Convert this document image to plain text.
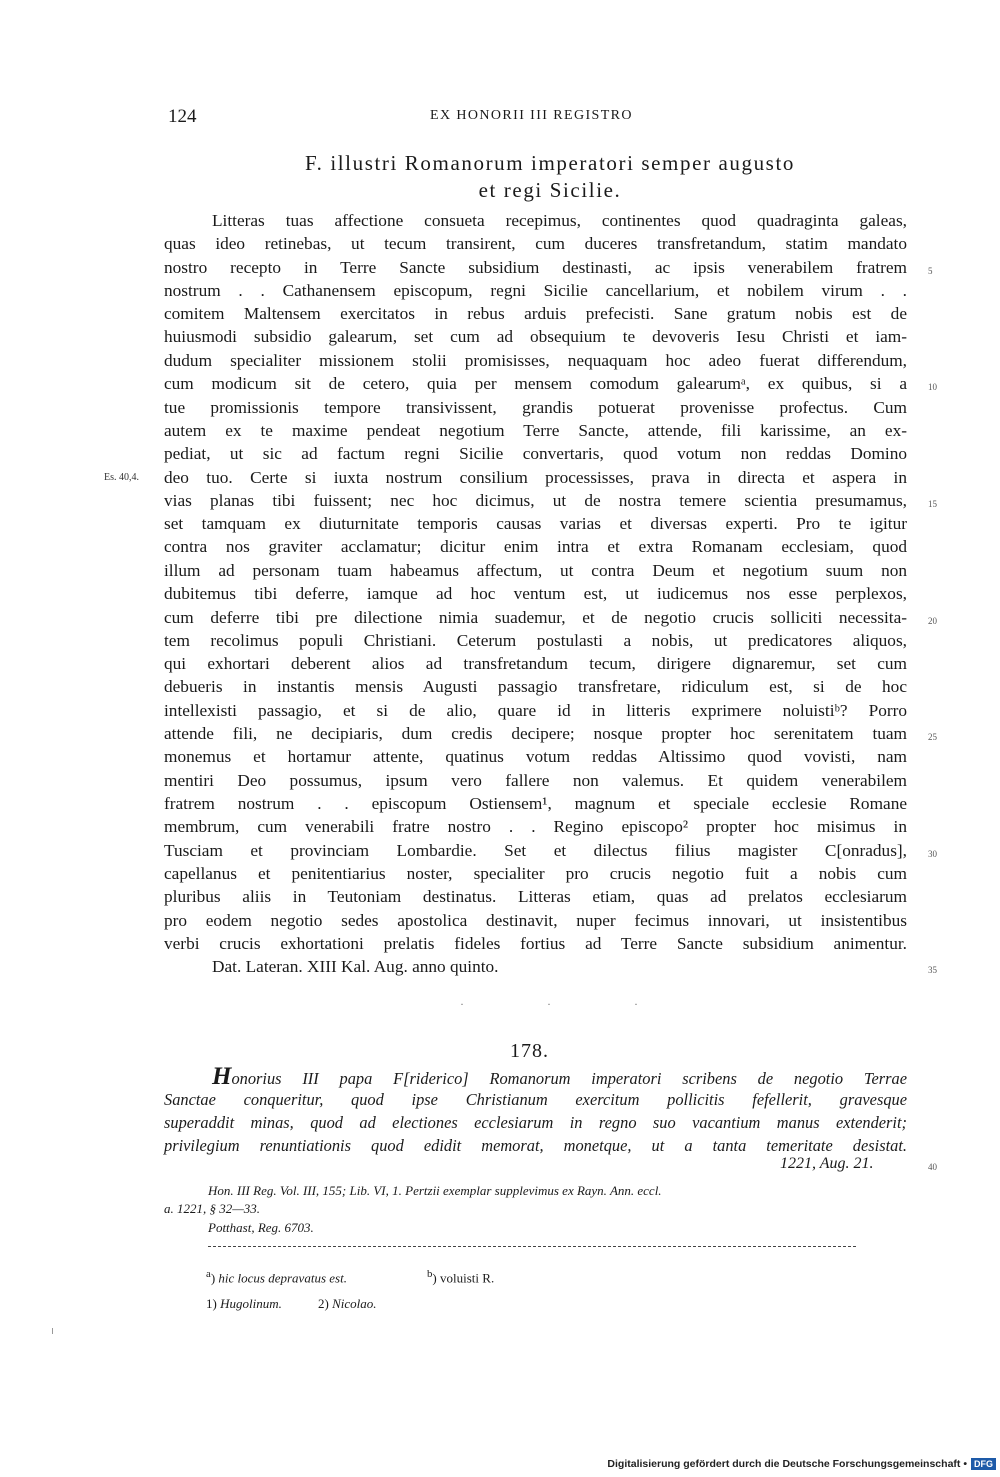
124	EX HONORII III REGISTRO
F. illustri Romanorum imperatori semper augusto
et regi Sicilie.
Litteras tuas affectione consueta recepimus, continentes quod quadraginta galeas,
quas ideo retinebas, ut tecum transirent, cum duceres transfretandum, statim mandato
nostro recepto in Terre Sancte subsidium destinasti, ac ipsis venerabilem fratrem
nostrum . . Cathanensem episcopum, regni Sicilie cancellarium, et nobilem virum . .
comitem Maltensem exercitatos in rebus arduis prefecisti. Sane gratum nobis est de
huiusmodi subsidio galearum, set cum ad obsequium te devoveris Iesu Christi et iam-
dudum specialiter missionem stolii promisisses, nequaquam hoc adeo fuerat differendum,
cum modicum sit de cetero, quia per mensem comodum galearumᵃ, ex quibus, si a
tue promissionis tempore transivissent, grandis potuerat provenisse profectus. Cum
autem ex te maxime pendeat negotium Terre Sancte, attende, fili karissime, an ex-
pediat, ut sic ad factum regni Sicilie convertaris, quod votum non reddas Domino
deo tuo. Certe si iuxta nostrum consilium processisses, prava in directa et aspera in
vias planas tibi fuissent; nec hoc dicimus, ut de nostra temere scientia presumamus,
set tamquam ex diuturnitate temporis causas varias et diversas experti. Pro te igitur
contra nos graviter acclamatur; dicitur enim intra et extra Romanam ecclesiam, quod
illum ad personam tuam habeamus affectum, ut contra Deum et negotium suum non
dubitemus tibi deferre, iamque ad hoc ventum est, ut iudicemus nos esse perplexos,
cum deferre tibi pre dilectione nimia suademur, et de negotio crucis solliciti necessita-
tem recolimus populi Christiani. Ceterum postulasti a nobis, ut predicatores aliquos,
qui exhortari deberent alios ad transfretandum tecum, dirigere dignaremur, set cum
debueris in instantis mensis Augusti passagio transfretare, ridiculum est, si de hoc
intellexisti passagio, et si de alio, quare id in litteris exprimere noluistiᵇ? Porro
attende fili, ne decipiaris, dum credis decipere; nosque propter hoc serenitatem tuam
monemus et hortamur attente, quatinus votum reddas Altissimo quod vovisti, nam
mentiri Deo possumus, ipsum vero fallere non valemus. Et quidem venerabilem
fratrem nostrum . . episcopum Ostiensem¹, magnum et speciale ecclesie Romane
membrum, cum venerabili fratre nostro . . Regino episcopo² propter hoc misimus in
Tusciam et provinciam Lombardie. Set et dilectus filius magister C[onradus],
capellanus et penitentiarius noster, specialiter pro crucis negotio fuit a nobis cum
pluribus aliis in Teutoniam destinatus. Litteras etiam, quas ad prelatos ecclesiarum
pro eodem negotio sedes apostolica destinavit, nuper fecimus innovari, ut insistentibus
verbi crucis exhortationi prelatis fideles fortius ad Terre Sancte subsidium animentur.
Dat. Lateran. XIII Kal. Aug. anno quinto.
5
10
15
20
25
30
35
Es. 40,4.
· · ·
178.
Honorius III papa F[riderico] Romanorum imperatori scribens de negotio Terrae
Sanctae conqueritur, quod ipse Christianum exercitum pollicitis fefellerit, gravesque
superaddit minas, quod ad electiones ecclesiarum in regno suo vacantium manus extenderit;
privilegium renuntiationis quod edidit memorat, monetque, ut a tanta temeritate desistat.
1221, Aug. 21.	40
Hon. III Reg. Vol. III, 155; Lib. VI, 1. Pertzii exemplar supplevimus ex Rayn. Ann. eccl.
a. 1221, § 32—33.
Potthast, Reg. 6703.
$^a$) hic locus depravatus est.	$^b$) voluisti R.
1) Hugolinum.	2) Nicolao.
Digitalisierung gefördert durch die Deutsche Forschungsgemeinschaft • DFG
